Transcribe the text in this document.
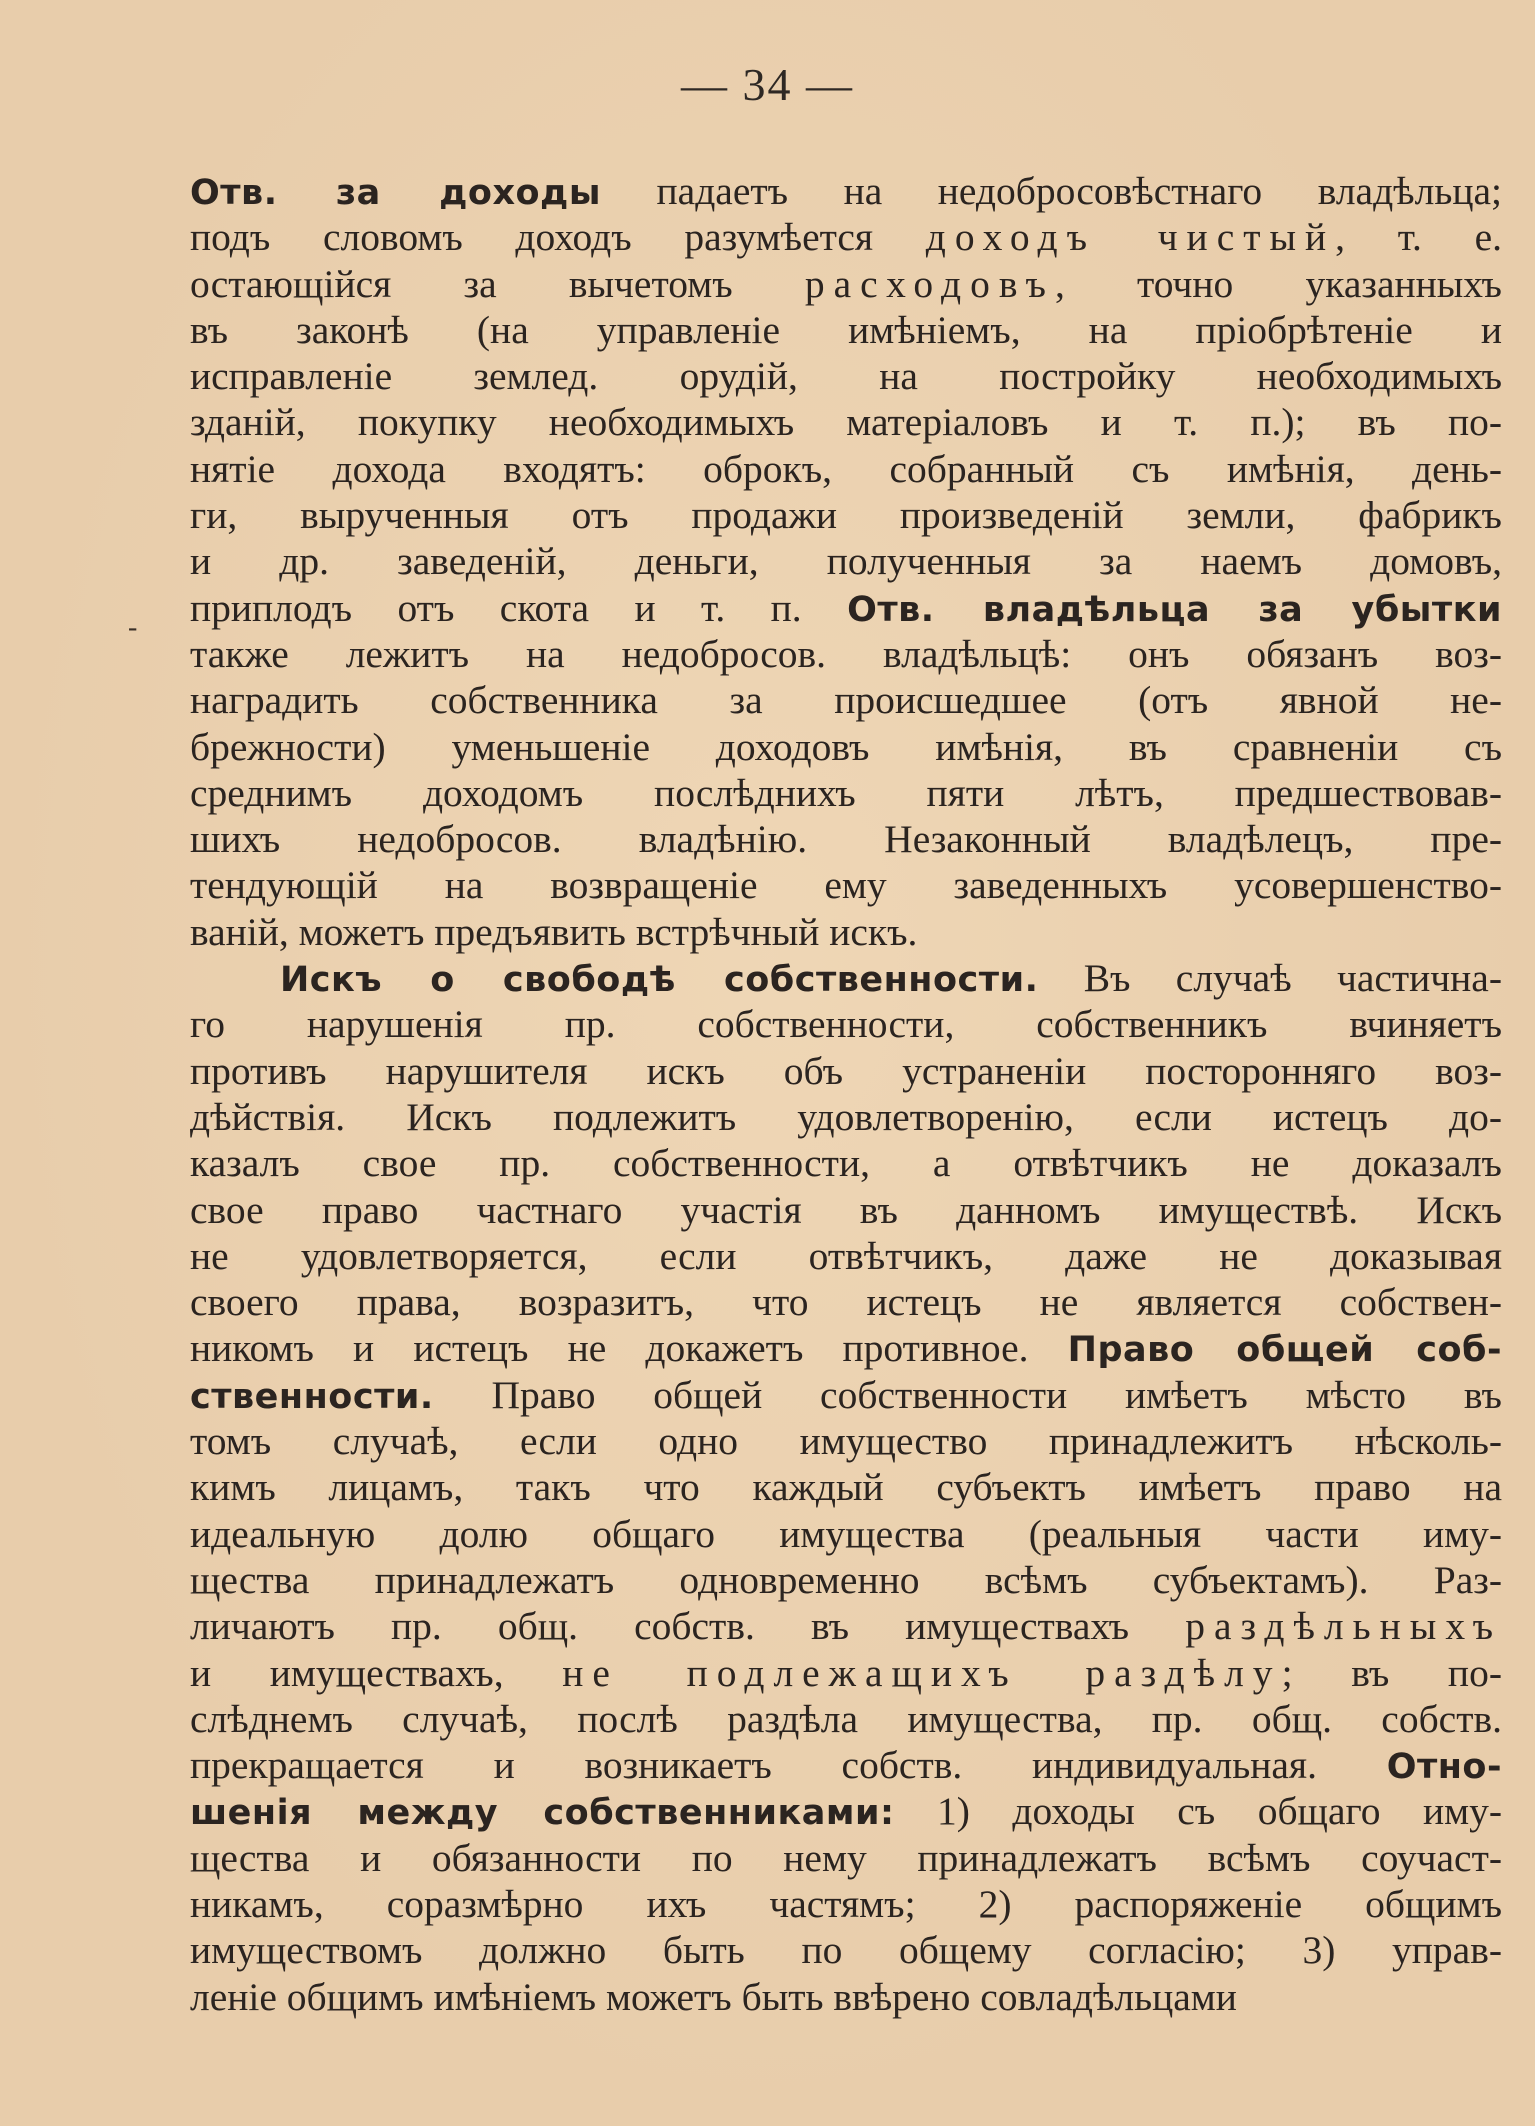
— 34 —
-
Отв. за доходы падаетъ на недобросовѣстнаго владѣльца;
подъ словомъ доходъ разумѣется доходъ чистый, т. е.
остающійся за вычетомъ расходовъ, точно указанныхъ
въ законѣ (на управленіе имѣніемъ, на пріобрѣтеніе и
исправленіе землед. орудій, на постройку необходимыхъ
зданій, покупку необходимыхъ матеріаловъ и т. п.); въ по-
нятіе дохода входятъ: оброкъ, собранный съ имѣнія, день-
ги, вырученныя отъ продажи произведеній земли, фабрикъ
и др. заведеній, деньги, полученныя за наемъ домовъ,
приплодъ отъ скота и т. п. Отв. владѣльца за убытки
также лежитъ на недобросов. владѣльцѣ: онъ обязанъ воз-
наградить собственника за происшедшее (отъ явной не-
брежности) уменьшеніе доходовъ имѣнія, въ сравненіи съ
среднимъ доходомъ послѣднихъ пяти лѣтъ, предшествовав-
шихъ недобросов. владѣнію. Незаконный владѣлецъ, пре-
тендующій на возвращеніе ему заведенныхъ усовершенство-
ваній, можетъ предъявить встрѣчный искъ.
Искъ о свободѣ собственности. Въ случаѣ частична-
го нарушенія пр. собственности, собственникъ вчиняетъ
противъ нарушителя искъ объ устраненіи посторонняго воз-
дѣйствія. Искъ подлежитъ удовлетворенію, если истецъ до-
казалъ свое пр. собственности, а отвѣтчикъ не доказалъ
свое право частнаго участія въ данномъ имуществѣ. Искъ
не удовлетворяется, если отвѣтчикъ, даже не доказывая
своего права, возразитъ, что истецъ не является собствен-
никомъ и истецъ не докажетъ противное. Право общей соб-
ственности. Право общей собственности имѣетъ мѣсто въ
томъ случаѣ, если одно имущество принадлежитъ нѣсколь-
кимъ лицамъ, такъ что каждый субъектъ имѣетъ право на
идеальную долю общаго имущества (реальныя части иму-
щества принадлежатъ одновременно всѣмъ субъектамъ). Раз-
личаютъ пр. общ. собств. въ имуществахъ раздѣльныхъ
и имуществахъ, не подлежащихъ раздѣлу; въ по-
слѣднемъ случаѣ, послѣ раздѣла имущества, пр. общ. собств.
прекращается и возникаетъ собств. индивидуальная. Отно-
шенія между собственниками: 1) доходы съ общаго иму-
щества и обязанности по нему принадлежатъ всѣмъ соучаст-
никамъ, соразмѣрно ихъ частямъ; 2) распоряженіе общимъ
имуществомъ должно быть по общему согласію; 3) управ-
леніе общимъ имѣніемъ можетъ быть ввѣрено совладѣльцами
